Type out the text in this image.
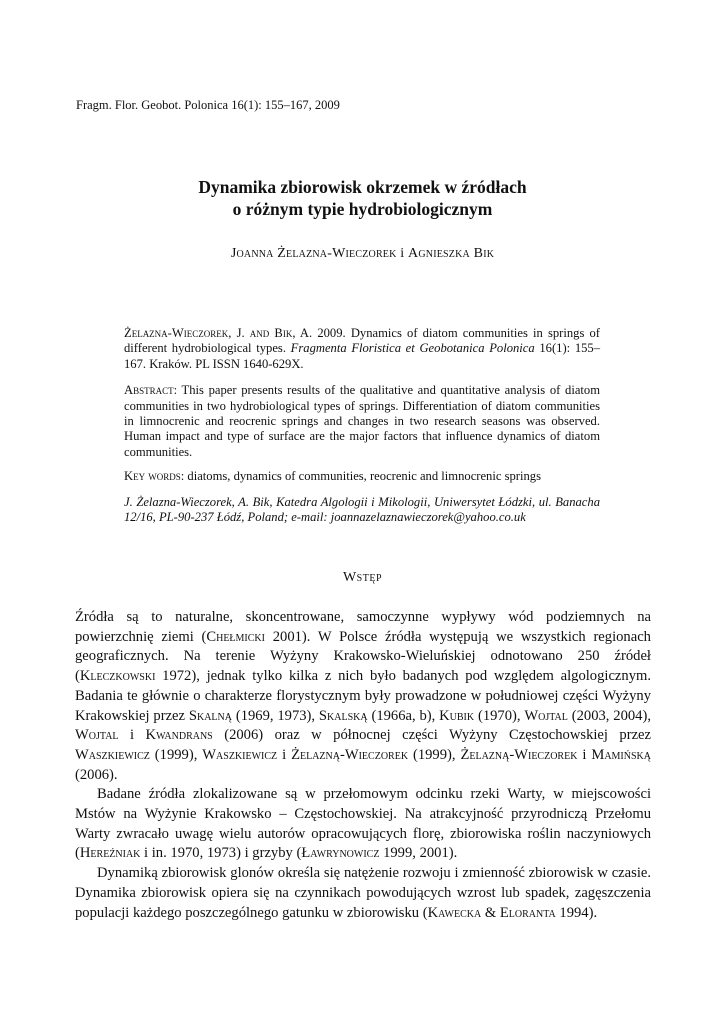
Fragm. Flor. Geobot. Polonica 16(1): 155–167, 2009
Dynamika zbiorowisk okrzemek w źródłach
o różnym typie hydrobiologicznym
Joanna Żelazna-Wieczorek i Agnieszka Bik

Żelazna-Wieczorek, J. and Bik, A. 2009. Dynamics of diatom communities in springs of different hydrobiological types. Fragmenta Floristica et Geobotanica Polonica 16(1): 155–167. Kraków. PL ISSN 1640-629X.

Abstract: This paper presents results of the qualitative and quantitative analysis of diatom communities in two hydrobiological types of springs. Differentiation of diatom communities in limnocrenic and reocrenic springs and changes in two research seasons was observed. Human impact and type of surface are the major factors that influence dynamics of diatom communities.

Key words: diatoms, dynamics of communities, reocrenic and limnocrenic springs

J. Żelazna-Wieczorek, A. Bik, Katedra Algologii i Mikologii, Uniwersytet Łódzki, ul. Banacha 12/16, PL-90-237 Łódź, Poland; e-mail: joannazelaznawieczorek@yahoo.co.uk

Wstęp

Źródła są to naturalne, skoncentrowane, samoczynne wypływy wód podziemnych na powierzchnię ziemi (Chełmicki 2001). W Polsce źródła występują we wszystkich regionach geograficznych. Na terenie Wyżyny Krakowsko-Wieluńskiej odnotowano 250 źródeł (Kleczkowski 1972), jednak tylko kilka z nich było badanych pod względem algologicznym. Badania te głównie o charakterze florystycznym były prowadzone w południowej części Wyżyny Krakowskiej przez Skalną (1969, 1973), Skalską (1966a, b), Kubik (1970), Wojtal (2003, 2004), Wojtal i Kwandrans (2006) oraz w północnej części Wyżyny Częstochowskiej przez Waszkiewicz (1999), Waszkiewicz i Żelazną-Wieczorek (1999), Żelazną-Wieczorek i Mamińską (2006).

Badane źródła zlokalizowane są w przełomowym odcinku rzeki Warty, w miejscowości Mstów na Wyżynie Krakowsko – Częstochowskiej. Na atrakcyjność przyrodniczą Przełomu Warty zwracało uwagę wielu autorów opracowujących florę, zbiorowiska roślin naczyniowych (Hereźniak i in. 1970, 1973) i grzyby (Ławrynowicz 1999, 2001).

Dynamiką zbiorowisk glonów określa się natężenie rozwoju i zmienność zbiorowisk w czasie. Dynamika zbiorowisk opiera się na czynnikach powodujących wzrost lub spadek, zagęszczenia populacji każdego poszczególnego gatunku w zbiorowisku (Kawecka & Eloranta 1994).
